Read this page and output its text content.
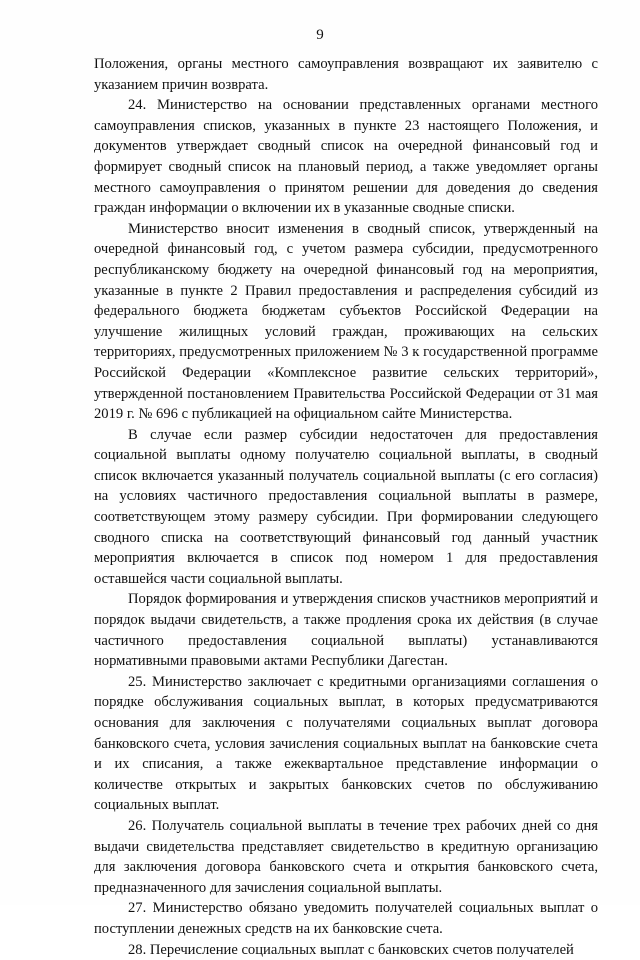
9

Положения, органы местного самоуправления возвращают их заявителю с указанием причин возврата.

24. Министерство на основании представленных органами местного самоуправления списков, указанных в пункте 23 настоящего Положения, и документов утверждает сводный список на очередной финансовый год и формирует сводный список на плановый период, а также уведомляет органы местного самоуправления о принятом решении для доведения до сведения граждан информации о включении их в указанные сводные списки.

Министерство вносит изменения в сводный список, утвержденный на очередной финансовый год, с учетом размера субсидии, предусмотренного республиканскому бюджету на очередной финансовый год на мероприятия, указанные в пункте 2 Правил предоставления и распределения субсидий из федерального бюджета бюджетам субъектов Российской Федерации на улучшение жилищных условий граждан, проживающих на сельских территориях, предусмотренных приложением № 3 к государственной программе Российской Федерации «Комплексное развитие сельских территорий», утвержденной постановлением Правительства Российской Федерации от 31 мая 2019 г. № 696 с публикацией на официальном сайте Министерства.

В случае если размер субсидии недостаточен для предоставления социальной выплаты одному получателю социальной выплаты, в сводный список включается указанный получатель социальной выплаты (с его согласия) на условиях частичного предоставления социальной выплаты в размере, соответствующем этому размеру субсидии. При формировании следующего сводного списка на соответствующий финансовый год данный участник мероприятия включается в список под номером 1 для предоставления оставшейся части социальной выплаты.

Порядок формирования и утверждения списков участников мероприятий и порядок выдачи свидетельств, а также продления срока их действия (в случае частичного предоставления социальной выплаты) устанавливаются нормативными правовыми актами Республики Дагестан.

25. Министерство заключает с кредитными организациями соглашения о порядке обслуживания социальных выплат, в которых предусматриваются основания для заключения с получателями социальных выплат договора банковского счета, условия зачисления социальных выплат на банковские счета и их списания, а также ежеквартальное представление информации о количестве открытых и закрытых банковских счетов по обслуживанию социальных выплат.

26. Получатель социальной выплаты в течение трех рабочих дней со дня выдачи свидетельства представляет свидетельство в кредитную организацию для заключения договора банковского счета и открытия банковского счета, предназначенного для зачисления социальной выплаты.

27. Министерство обязано уведомить получателей социальных выплат о поступлении денежных средств на их банковские счета.

28. Перечисление социальных выплат с банковских счетов получателей
